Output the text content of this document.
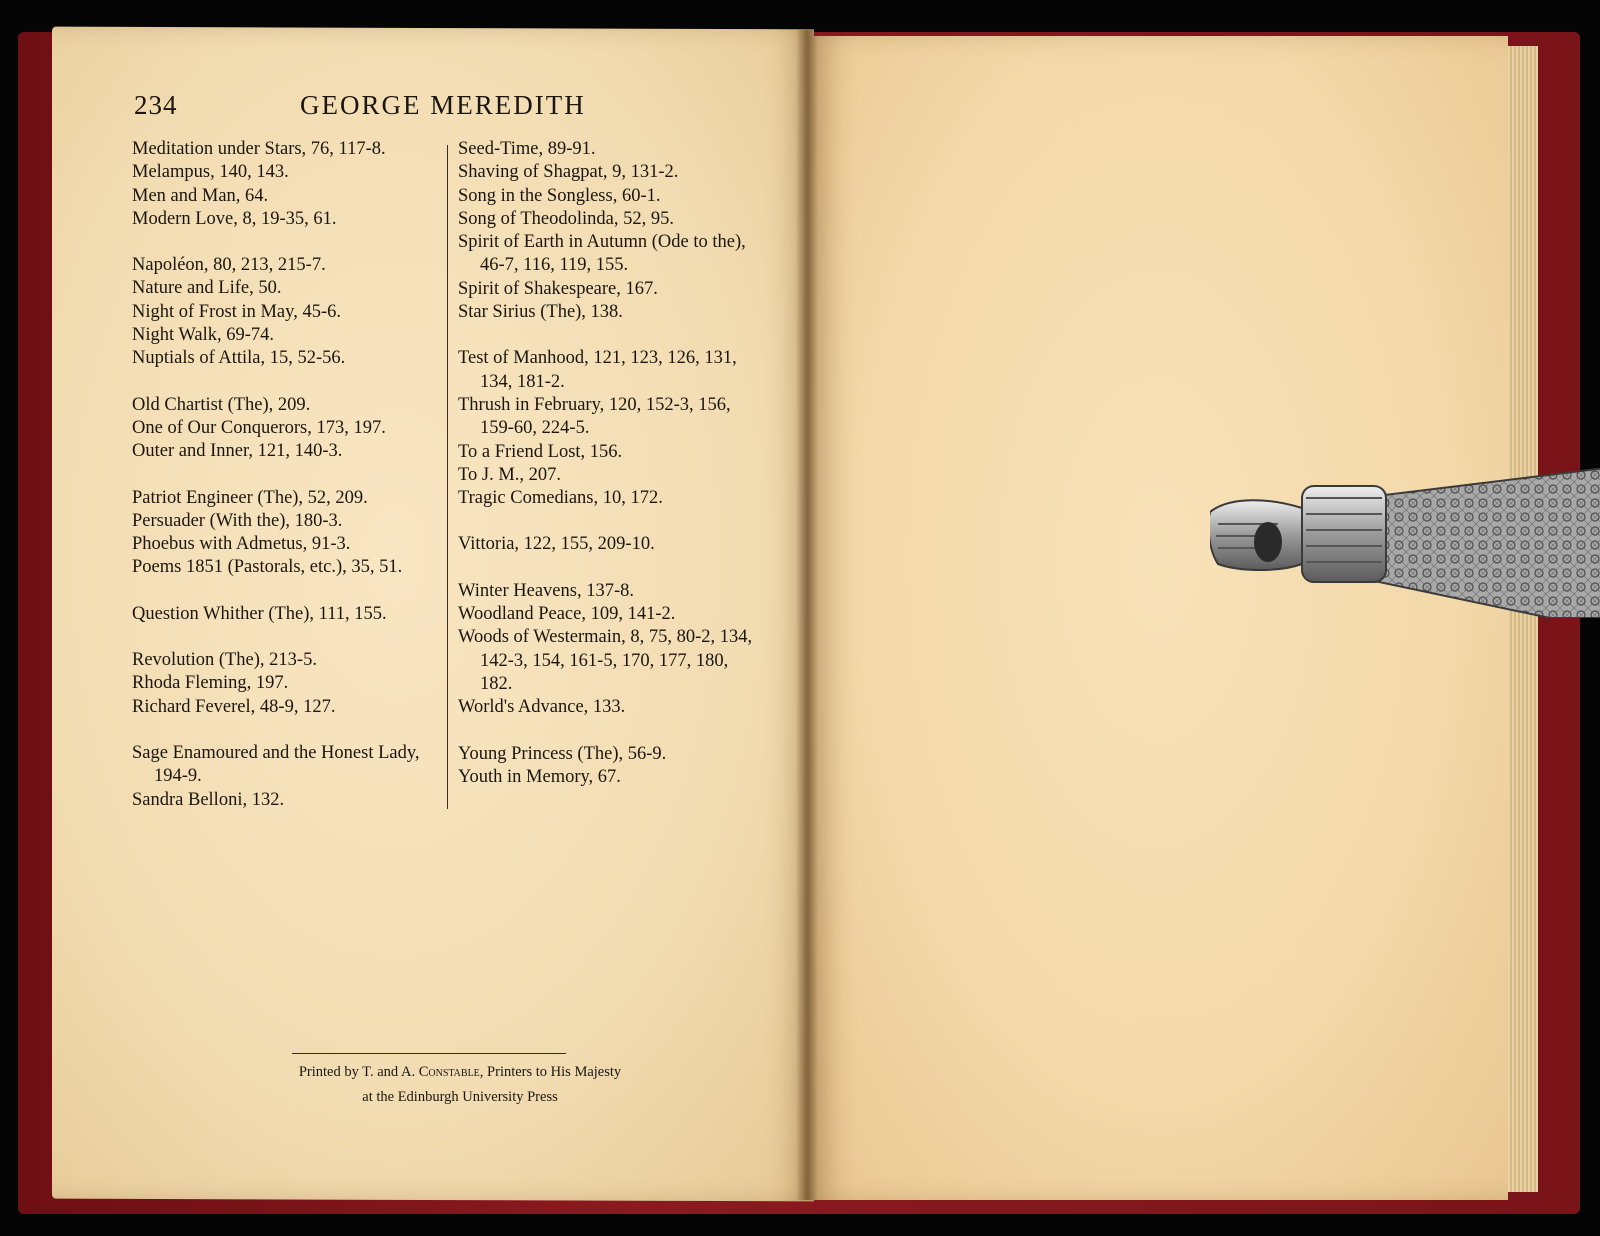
234	GEORGE MEREDITH
Meditation under Stars, 76, 117-8.
Melampus, 140, 143.
Men and Man, 64.
Modern Love, 8, 19-35, 61.
Napoléon, 80, 213, 215-7.
Nature and Life, 50.
Night of Frost in May, 45-6.
Night Walk, 69-74.
Nuptials of Attila, 15, 52-56.
Old Chartist (The), 209.
One of Our Conquerors, 173, 197.
Outer and Inner, 121, 140-3.
Patriot Engineer (The), 52, 209.
Persuader (With the), 180-3.
Phoebus with Admetus, 91-3.
Poems 1851 (Pastorals, etc.), 35, 51.
Question Whither (The), 111, 155.
Revolution (The), 213-5.
Rhoda Fleming, 197.
Richard Feverel, 48-9, 127.
Sage Enamoured and the Honest Lady, 194-9.
Sandra Belloni, 132.
Seed-Time, 89-91.
Shaving of Shagpat, 9, 131-2.
Song in the Songless, 60-1.
Song of Theodolinda, 52, 95.
Spirit of Earth in Autumn (Ode to the), 46-7, 116, 119, 155.
Spirit of Shakespeare, 167.
Star Sirius (The), 138.
Test of Manhood, 121, 123, 126, 131, 134, 181-2.
Thrush in February, 120, 152-3, 156, 159-60, 224-5.
To a Friend Lost, 156.
To J. M., 207.
Tragic Comedians, 10, 172.
Vittoria, 122, 155, 209-10.
Winter Heavens, 137-8.
Woodland Peace, 109, 141-2.
Woods of Westermain, 8, 75, 80-2, 134, 142-3, 154, 161-5, 170, 177, 180, 182.
World's Advance, 133.
Young Princess (The), 56-9.
Youth in Memory, 67.
Printed by T. and A. Constable, Printers to His Majesty
at the Edinburgh University Press
